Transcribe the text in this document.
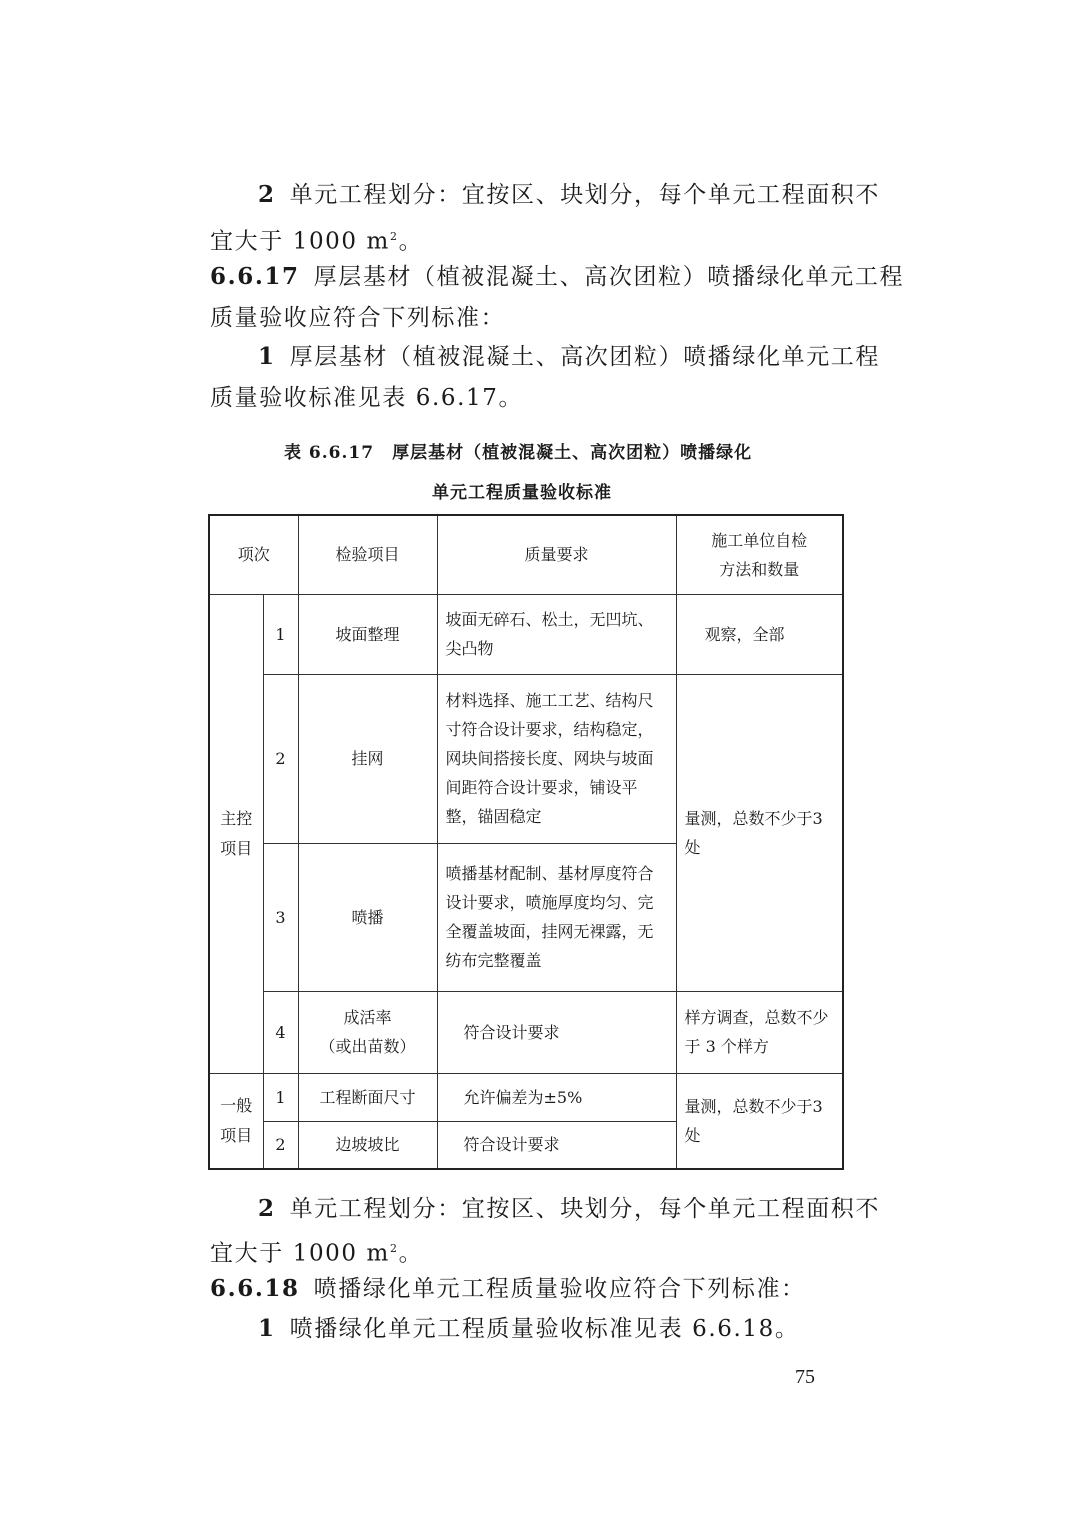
2 单元工程划分：宜按区、块划分，每个单元工程面积不
宜大于 1000 $m^2$。
6.6.17 厚层基材（植被混凝土、高次团粒）喷播绿化单元工程
质量验收应符合下列标准：
1 厚层基材（植被混凝土、高次团粒）喷播绿化单元工程
质量验收标准见表 6.6.17。
表 6.6.17　厚层基材（植被混凝土、高次团粒）喷播绿化
单元工程质量验收标准
项次		检验项目	质量要求	施工单位自检
方法和数量

主控项目	1	坡面整理	坡面无碎石、松土，无凹坑、尖凸物	观察，全部
	2	挂网	材料选择、施工工艺、结构尺寸符合设计要求，结构稳定，网块间搭接长度、网块与坡面间距符合设计要求，铺设平整，锚固稳定	量测，总数不少于3处
	3	喷播	喷播基材配制、基材厚度符合设计要求，喷施厚度均匀、完全覆盖坡面，挂网无裸露，无纺布完整覆盖	
	4	成活率
（或出苗数）	符合设计要求	样方调查，总数不少于 3 个样方
一般项目	1	工程断面尺寸	允许偏差为±5%	量测，总数不少于3处
	2	边坡坡比	符合设计要求	
2 单元工程划分：宜按区、块划分，每个单元工程面积不
宜大于 1000 $m^2$。
6.6.18 喷播绿化单元工程质量验收应符合下列标准：
1 喷播绿化单元工程质量验收标准见表 6.6.18。
75
